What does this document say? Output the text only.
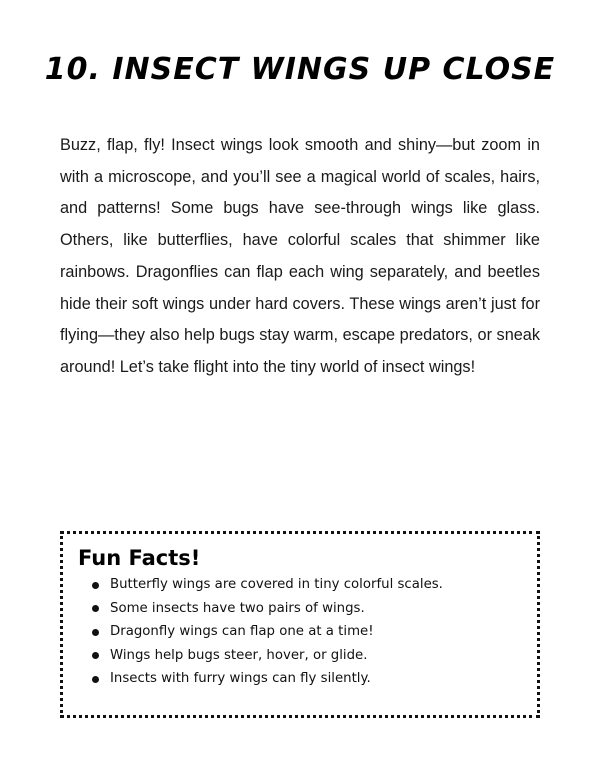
10. INSECT WINGS UP CLOSE

Buzz, flap, fly! Insect wings look smooth and shiny—but zoom in with a microscope, and you’ll see a magical world of scales, hairs, and patterns! Some bugs have see-through wings like glass. Others, like butterflies, have colorful scales that shimmer like rainbows. Dragonflies can flap each wing separately, and beetles hide their soft wings under hard covers. These wings aren’t just for flying—they also help bugs stay warm, escape predators, or sneak around! Let’s take flight into the tiny world of insect wings!

Fun Facts!
Butterfly wings are covered in tiny colorful scales.
Some insects have two pairs of wings.
Dragonfly wings can flap one at a time!
Wings help bugs steer, hover, or glide.
Insects with furry wings can fly silently.
